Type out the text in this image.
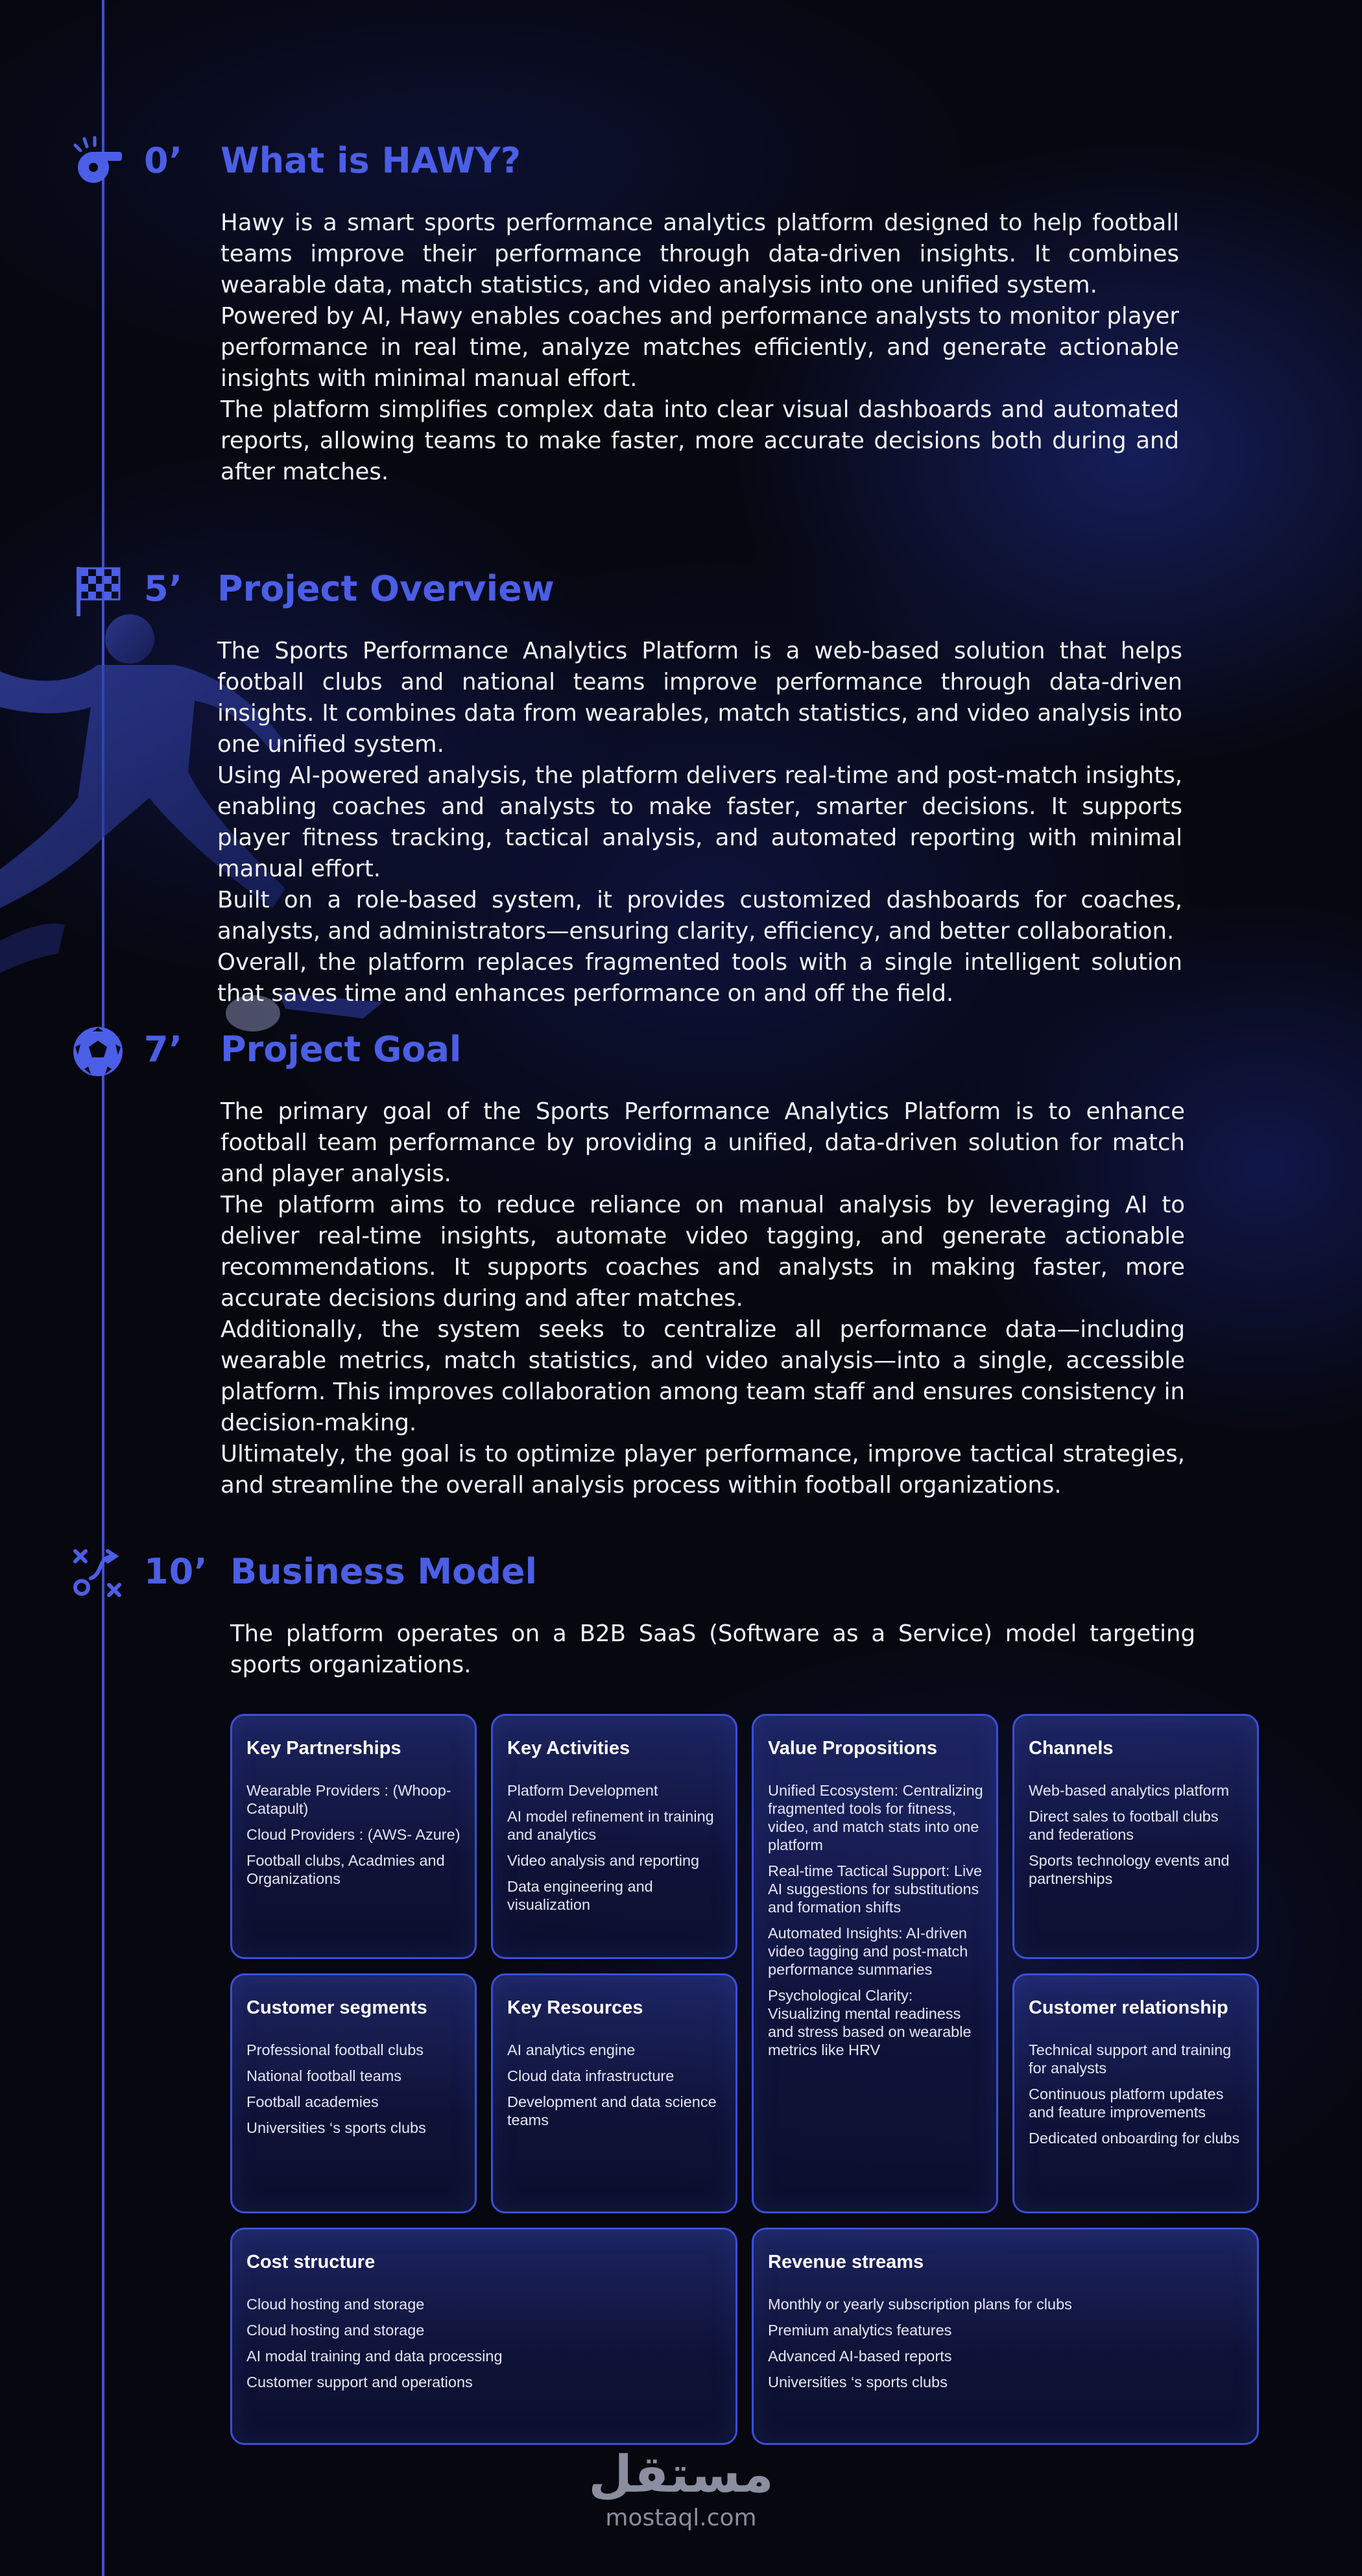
0’ What is HAWY?

Hawy is a smart sports performance analytics platform designed to help football teams improve their performance through data-driven insights. It combines wearable data, match statistics, and video analysis into one unified system.

Powered by AI, Hawy enables coaches and performance analysts to monitor player performance in real time, analyze matches efficiently, and generate actionable insights with minimal manual effort.

The platform simplifies complex data into clear visual dashboards and automated reports, allowing teams to make faster, more accurate decisions both during and after matches.

5’ Project Overview

The Sports Performance Analytics Platform is a web-based solution that helps football clubs and national teams improve performance through data-driven insights. It combines data from wearables, match statistics, and video analysis into one unified system.

Using AI-powered analysis, the platform delivers real-time and post-match insights, enabling coaches and analysts to make faster, smarter decisions. It supports player fitness tracking, tactical analysis, and automated reporting with minimal manual effort.

Built on a role-based system, it provides customized dashboards for coaches, analysts, and administrators—ensuring clarity, efficiency, and better collaboration.

Overall, the platform replaces fragmented tools with a single intelligent solution that saves time and enhances performance on and off the field.

7’ Project Goal

The primary goal of the Sports Performance Analytics Platform is to enhance football team performance by providing a unified, data-driven solution for match and player analysis.

The platform aims to reduce reliance on manual analysis by leveraging AI to deliver real-time insights, automate video tagging, and generate actionable recommendations. It supports coaches and analysts in making faster, more accurate decisions during and after matches.

Additionally, the system seeks to centralize all performance data—including wearable metrics, match statistics, and video analysis—into a single, accessible platform. This improves collaboration among team staff and ensures consistency in decision-making.

Ultimately, the goal is to optimize player performance, improve tactical strategies, and streamline the overall analysis process within football organizations.

10’ Business Model

The platform operates on a B2B SaaS (Software as a Service) model targeting sports organizations.

Key Partnerships
Wearable Providers : (Whoop- Catapult)
Cloud Providers : (AWS- Azure)
Football clubs, Acadmies and Organizations
Key Activities
Platform Development
AI model refinement in training and analytics
Video analysis and reporting
Data engineering and visualization
Value Propositions
Unified Ecosystem: Centralizing fragmented tools for fitness, video, and match stats into one platform
Real-time Tactical Support: Live AI suggestions for substitutions and formation shifts
Automated Insights: AI-driven video tagging and post-match performance summaries
Psychological Clarity: Visualizing mental readiness and stress based on wearable metrics like HRV
Channels
Web-based analytics platform
Direct sales to football clubs and federations
Sports technology events and partnerships
Customer segments
Professional football clubs
National football teams
Football academies
Universities ‘s sports clubs
Key Resources
AI analytics engine
Cloud data infrastructure
Development and data science teams
Customer relationship
Technical support and training for analysts
Continuous platform updates and feature improvements
Dedicated onboarding for clubs
Cost structure
Cloud hosting and storage
Cloud hosting and storage
AI modal training and data processing
Customer support and operations
Revenue streams
Monthly or yearly subscription plans for clubs
Premium analytics features
Advanced AI-based reports
Universities ‘s sports clubs
مستقل
mostaql.com
